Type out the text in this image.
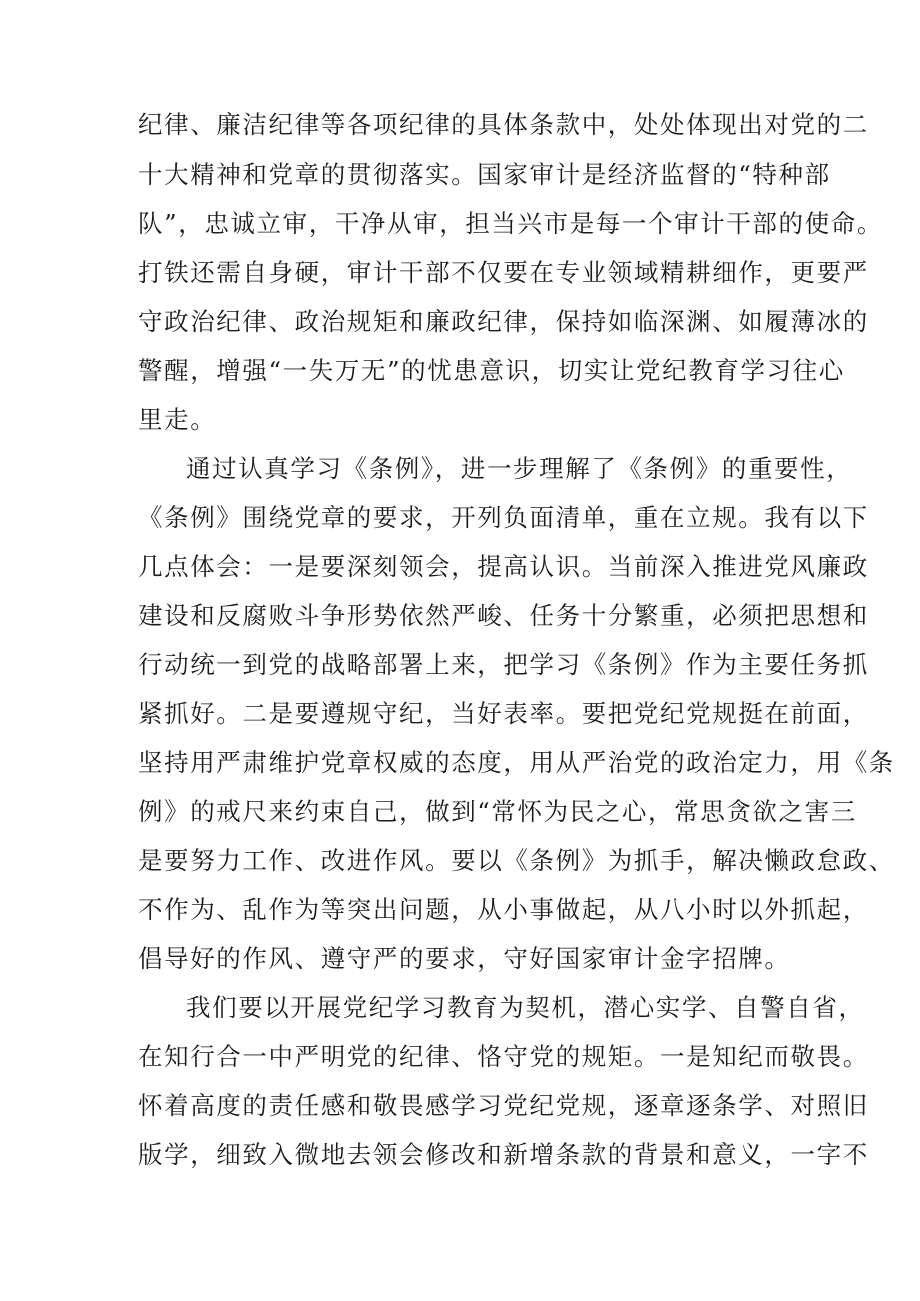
纪律、廉洁纪律等各项纪律的具体条款中，处处体现出对党的二
十大精神和党章的贯彻落实。国家审计是经济监督的“特种部
队”，忠诚立审，干净从审，担当兴市是每一个审计干部的使命。
打铁还需自身硬，审计干部不仅要在专业领域精耕细作，更要严
守政治纪律、政治规矩和廉政纪律，保持如临深渊、如履薄冰的
警醒，增强“一失万无”的忧患意识，切实让党纪教育学习往心
里走。
通过认真学习《条例》，进一步理解了《条例》的重要性，
《条例》围绕党章的要求，开列负面清单，重在立规。我有以下
几点体会：一是要深刻领会，提高认识。当前深入推进党风廉政
建设和反腐败斗争形势依然严峻、任务十分繁重，必须把思想和
行动统一到党的战略部署上来，把学习《条例》作为主要任务抓
紧抓好。二是要遵规守纪，当好表率。要把党纪党规挺在前面，
坚持用严肃维护党章权威的态度，用从严治党的政治定力，用《条
例》的戒尺来约束自己，做到“常怀为民之心，常思贪欲之害三
是要努力工作、改进作风。要以《条例》为抓手，解决懒政怠政、
不作为、乱作为等突出问题，从小事做起，从八小时以外抓起，
倡导好的作风、遵守严的要求，守好国家审计金字招牌。
我们要以开展党纪学习教育为契机，潜心实学、自警自省，
在知行合一中严明党的纪律、恪守党的规矩。一是知纪而敬畏。
怀着高度的责任感和敬畏感学习党纪党规，逐章逐条学、对照旧
版学，细致入微地去领会修改和新增条款的背景和意义，一字不
